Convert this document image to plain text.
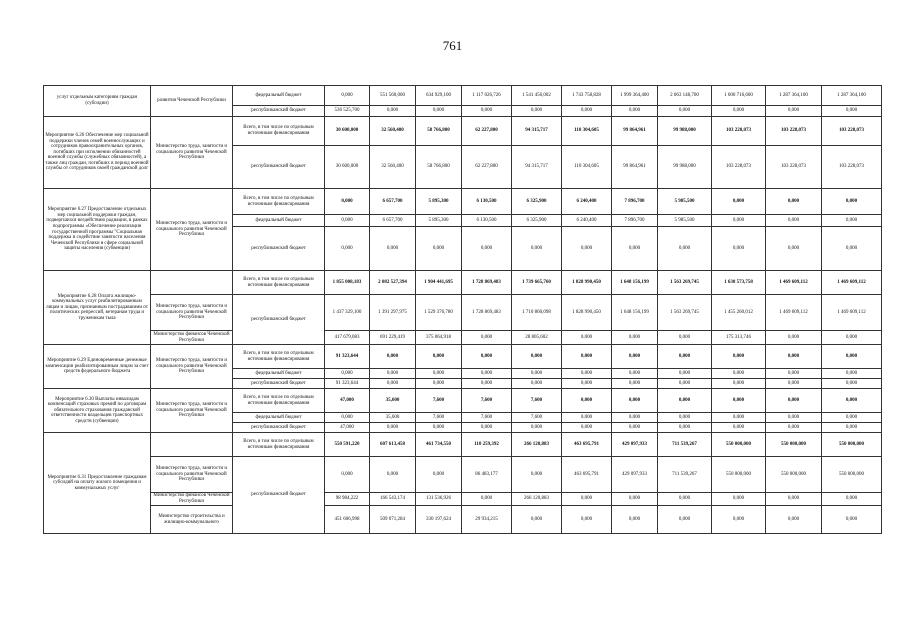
761
услуг отдельным категориям граждан (субсидии)	развития Чеченской Республики	федеральный бюджет	0,000	551 560,000	634 929,100	1 117 026,726	1 541 456,002	1 743 758,828	1 999 364,400	2 063 148,700	1 600 716,600	1 287 364,100	1 287 364,100
		республиканский бюджет	536 525,700	0,000	0,000	0,000	0,000	0,000	0,000	0,000	0,000	0,000	0,000
Мероприятие 6.26 Обеспечение мер социальной поддержки членов семей военнослужащих и сотрудников правоохранительных органов, погибших при исполнении обязанностей военной службы (служебных обязанностей), а также лиц граждан, погибших в период военной службы от сотрудников своей гражданской долг	Министерство труда, занятости и социального развития Чеченской Республики	Всего, в том числе по отдельным источникам финансирования	30 600,000	32 560,400	58 766,800	62 227,800	94 315,717	110 304,605	99 864,961	99 988,000	103 228,073	103 228,073	103 228,073
		республиканский бюджет	30 600,000	32 560,400	58 766,800	62 227,800	94 315,717	110 304,605	99 864,961	99 988,000	103 228,073	103 228,073	103 228,073
Мероприятие 6.27 Предоставление отдельных мер социальной поддержки граждан, подвергшихся воздействию радиации, в рамках подпрограммы «Обеспечение реализации государственной программы "Социальная поддержка и содействие занятости населения Чеченской Республики в сфере социальной защиты населения (субвенции)	Министерство труда, занятости и социального развития Чеченской Республики	Всего, в том числе по отдельным источникам финансирования	0,000	6 657,700	5 895,300	6 130,500	6 325,900	6 240,400	7 896,700	5 985,500	0,000	0,000	0,000
		федеральный бюджет	0,000	6 657,700	5 895,300	6 130,500	6 325,900	6 240,400	7 896,700	5 985,500	0,000	0,000	0,000
		республиканский бюджет	0,000	0,000	0,000	0,000	0,000	0,000	0,000	0,000	0,000	0,000	0,000
Мероприятие 6.28 Оплата жилищно-коммунальных услуг реабилитированным лицам и лицам, признанным пострадавшими от политических репрессий, ветеранам труда и труженикам тыла		Всего, в том числе по отдельным источникам финансирования	1 855 008,183	2 082 527,394	1 904 441,695	1 728 869,483	1 739 665,760	1 828 990,450	1 648 156,199	1 563 269,745	1 630 573,758	1 469 609,112	1 469 609,112
	Министерство труда, занятости и социального развития Чеченской Республики	республиканский бюджет	1 437 329,100	1 391 297,975	1 529 376,780	1 728 869,483	1 710 860,098	1 828 990,450	1 648 156,199	1 563 269,745	1 455 260,012	1 469 609,112	1 469 609,112
	Министерство финансов Чеченской Республики		417 679,083	691 229,419	375 064,918	0,000	28 805,602	0,000	0,000	0,000	175 313,746	0,000	0,000
Мероприятие 6.29 Единовременные денежные компенсации реабилитированным лицам за счет средств федерального бюджета	Министерство труда, занятости и социального развития Чеченской Республики	Всего, в том числе по отдельным источникам финансирования	91 323,644	0,000	0,000	0,000	0,000	0,000	0,000	0,000	0,000	0,000	0,000
		федеральный бюджет	0,000	0,000	0,000	0,000	0,000	0,000	0,000	0,000	0,000	0,000	0,000
		республиканский бюджет	91 323,644	0,000	0,000	0,000	0,000	0,000	0,000	0,000	0,000	0,000	0,000
Мероприятие 6.30 Выплаты инвалидам компенсаций страховых премий по договорам обязательного страхования гражданской ответственности владельцев транспортных средств (субвенции)	Министерство труда, занятости и социального развития Чеченской Республики	Всего, в том числе по отдельным источникам финансирования	47,000	35,600	7,600	7,600	7,600	0,000	0,000	0,000	0,000	0,000	0,000
		федеральный бюджет	0,000	35,600	7,600	7,600	7,600	0,000	0,000	0,000	0,000	0,000	0,000
		республиканский бюджет	47,000	0,000	0,000	0,000	0,000	0,000	0,000	0,000	0,000	0,000	0,000
Мероприятие 6.31 Предоставление гражданам субсидий на оплату жилого помещения и коммунальных услуг		Всего, в том числе по отдельным источникам финансирования	550 591,220	607 613,458	461 734,550	110 259,392	266 120,883	463 695,791	429 097,933	711 539,267	550 000,000	550 000,000	550 000,000
	Министерство труда, занятости и социального развития Чеченской Республики	республиканский бюджет	0,000	0,000	0,000	86 483,177	0,000	463 695,791	429 097,933	711 539,267	550 000,000	550 000,000	550 000,000
	Министерство финансов Чеченской Республики		98 984,222	166 543,174	131 536,926	0,000	266 120,883	0,000	0,000	0,000	0,000	0,000	0,000
	Министерство строительства и жилищно-коммунального		451 606,998	509 071,284	330 197,624	29 934,215	0,000	0,000	0,000	0,000	0,000	0,000	0,000
